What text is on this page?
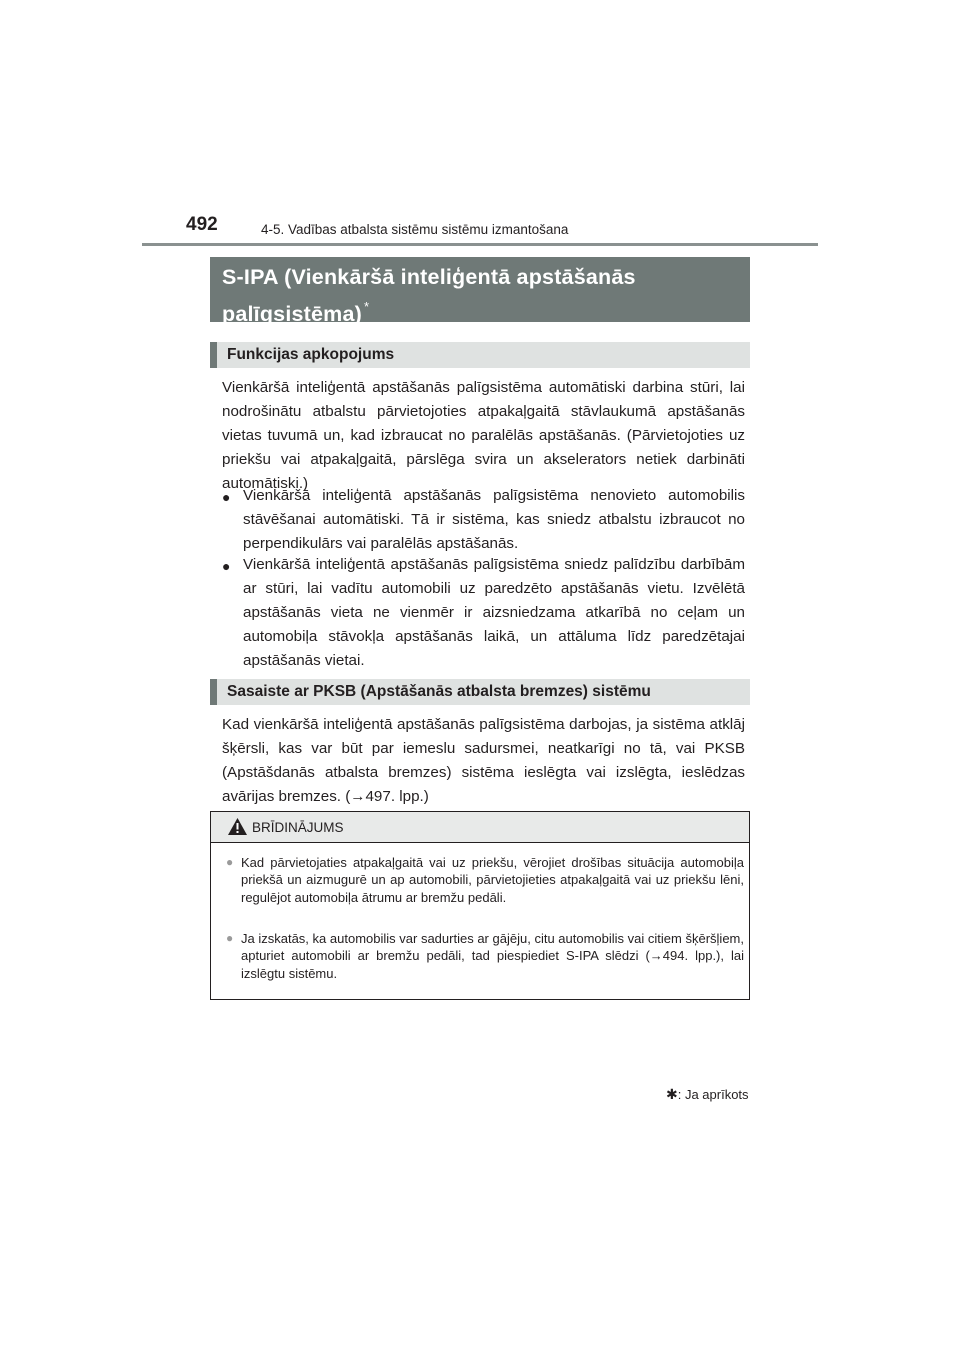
492	4-5. Vadības atbalsta sistēmu sistēmu izmantošana
S-IPA (Vienkāršā inteliģentā apstāšanās
palīgsistēma) *
Funkcijas apkopojums

Vienkāršā inteliģentā apstāšanās palīgsistēma automātiski darbina stūri, lai nodrošinātu atbalstu pārvietojoties atpakaļgaitā stāvlaukumā apstāšanās vietas tuvumā un, kad izbraucat no paralēlās apstāšanās. (Pārvietojoties uz priekšu vai atpakaļgaitā, pārslēga svira un akselerators netiek darbināti automātiski.)

● Vienkāršā inteliģentā apstāšanās palīgsistēma nenovieto automobilis stāvēšanai automātiski. Tā ir sistēma, kas sniedz atbalstu izbraucot no perpendikulārs vai paralēlās apstāšanās.
● Vienkāršā inteliģentā apstāšanās palīgsistēma sniedz palīdzību darbībām ar stūri, lai vadītu automobili uz paredzēto apstāšanās vietu. Izvēlētā apstāšanās vieta ne vienmēr ir aizsniedzama atkarībā no ceļam un automobiļa stāvokļa apstāšanās laikā, un attāluma līdz paredzētajai apstāšanās vietai.
Sasaiste ar PKSB (Apstāšanās atbalsta bremzes) sistēmu

Kad vienkāršā inteliģentā apstāšanās palīgsistēma darbojas, ja sistēma atklāj šķērsli, kas var būt par iemeslu sadursmei, neatkarīgi no tā, vai PKSB (Apstāšdanās atbalsta bremzes) sistēma ieslēgta vai izslēgta, ieslēdzas avārijas bremzes. (→497. lpp.)

BRĪDINĀJUMS
● Kad pārvietojaties atpakaļgaitā vai uz priekšu, vērojiet drošības situācija automobiļa priekšā un aizmugurē un ap automobili, pārvietojieties atpakaļgaitā vai uz priekšu lēni, regulējot automobiļa ātrumu ar bremžu pedāli.
● Ja izskatās, ka automobilis var sadurties ar gājēju, citu automobilis vai citiem šķēršļiem, apturiet automobili ar bremžu pedāli, tad piespiediet S-IPA slēdzi (→494. lpp.), lai izslēgtu sistēmu.
✱: Ja aprīkots
